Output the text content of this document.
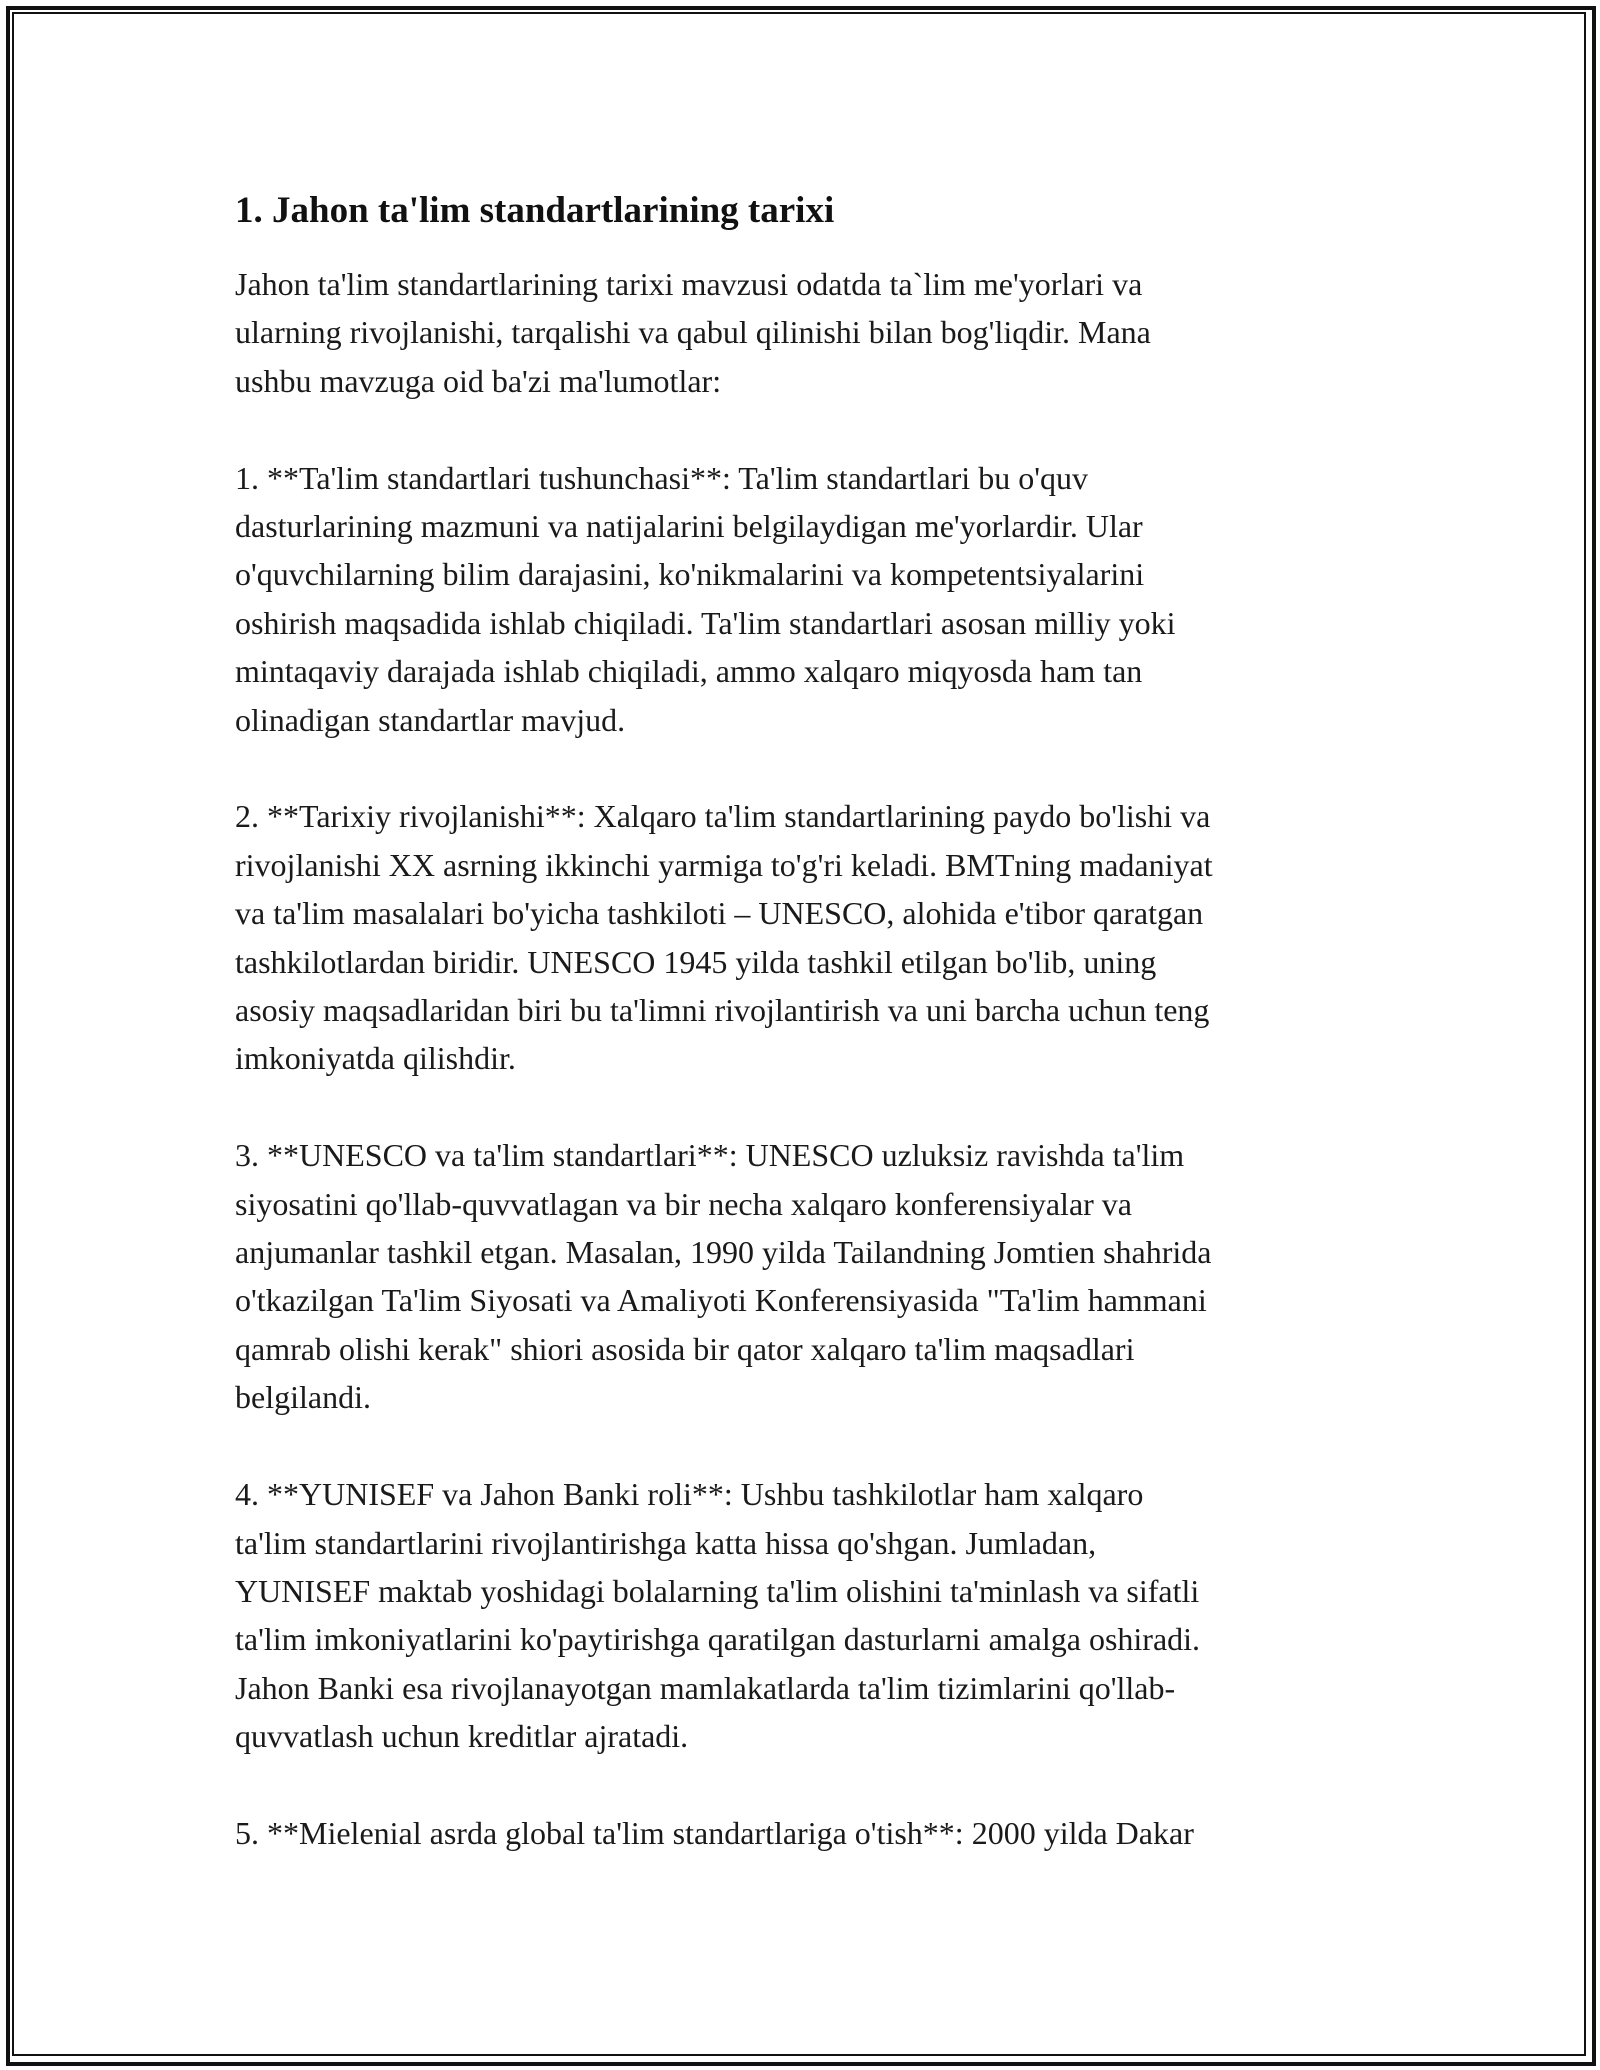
1. Jahon ta'lim standartlarining tarixi

Jahon ta'lim standartlarining tarixi mavzusi odatda ta`lim me'yorlari va
ularning rivojlanishi, tarqalishi va qabul qilinishi bilan bog'liqdir. Mana
ushbu mavzuga oid ba'zi ma'lumotlar:

1. **Ta'lim standartlari tushunchasi**: Ta'lim standartlari bu o'quv
dasturlarining mazmuni va natijalarini belgilaydigan me'yorlardir. Ular
o'quvchilarning bilim darajasini, ko'nikmalarini va kompetentsiyalarini
oshirish maqsadida ishlab chiqiladi. Ta'lim standartlari asosan milliy yoki
mintaqaviy darajada ishlab chiqiladi, ammo xalqaro miqyosda ham tan
olinadigan standartlar mavjud.

2. **Tarixiy rivojlanishi**: Xalqaro ta'lim standartlarining paydo bo'lishi va
rivojlanishi XX asrning ikkinchi yarmiga to'g'ri keladi. BMTning madaniyat
va ta'lim masalalari bo'yicha tashkiloti – UNESCO, alohida e'tibor qaratgan
tashkilotlardan biridir. UNESCO 1945 yilda tashkil etilgan bo'lib, uning
asosiy maqsadlaridan biri bu ta'limni rivojlantirish va uni barcha uchun teng
imkoniyatda qilishdir.

3. **UNESCO va ta'lim standartlari**: UNESCO uzluksiz ravishda ta'lim
siyosatini qo'llab-quvvatlagan va bir necha xalqaro konferensiyalar va
anjumanlar tashkil etgan. Masalan, 1990 yilda Tailandning Jomtien shahrida
o'tkazilgan Ta'lim Siyosati va Amaliyoti Konferensiyasida "Ta'lim hammani
qamrab olishi kerak" shiori asosida bir qator xalqaro ta'lim maqsadlari
belgilandi.

4. **YUNISEF va Jahon Banki roli**: Ushbu tashkilotlar ham xalqaro
ta'lim standartlarini rivojlantirishga katta hissa qo'shgan. Jumladan,
YUNISEF maktab yoshidagi bolalarning ta'lim olishini ta'minlash va sifatli
ta'lim imkoniyatlarini ko'paytirishga qaratilgan dasturlarni amalga oshiradi.
Jahon Banki esa rivojlanayotgan mamlakatlarda ta'lim tizimlarini qo'llab-
quvvatlash uchun kreditlar ajratadi.

5. **Mielenial asrda global ta'lim standartlariga o'tish**: 2000 yilda Dakar
